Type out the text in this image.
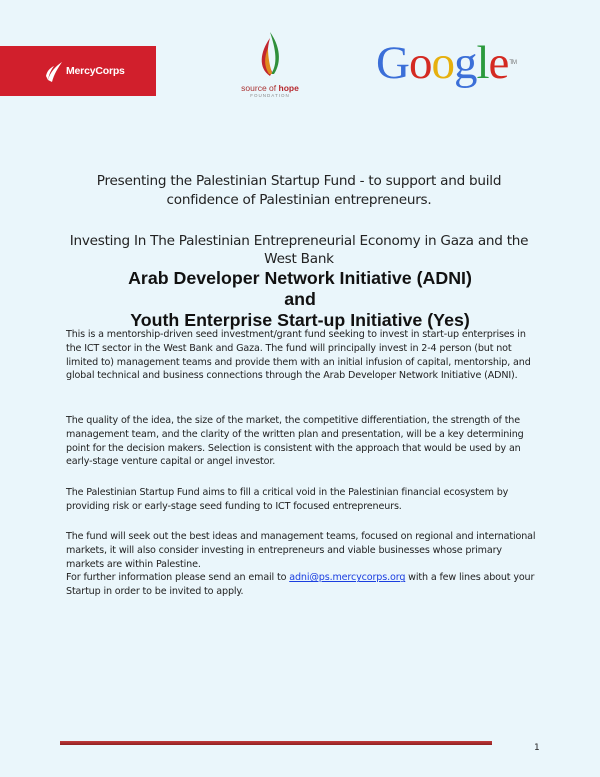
MercyCorps
source of hope
FOUNDATION
Google™
Presenting the Palestinian Startup Fund - to support and build confidence of Palestinian entrepreneurs.
Investing In The Palestinian Entrepreneurial Economy in Gaza and the West Bank
Arab Developer Network Initiative (ADNI)
and
Youth Enterprise Start-up Initiative (Yes)

This is a mentorship-driven seed investment/grant fund seeking to invest in start-up enterprises in the ICT sector in the West Bank and Gaza. The fund will principally invest in 2-4 person (but not limited to) management teams and provide them with an initial infusion of capital, mentorship, and global technical and business connections through the Arab Developer Network Initiative (ADNI).

The quality of the idea, the size of the market, the competitive differentiation, the strength of the management team, and the clarity of the written plan and presentation, will be a key determining point for the decision makers. Selection is consistent with the approach that would be used by an early-stage venture capital or angel investor.

The Palestinian Startup Fund aims to fill a critical void in the Palestinian financial ecosystem by providing risk or early-stage seed funding to ICT focused entrepreneurs.

The fund will seek out the best ideas and management teams, focused on regional and international markets, it will also consider investing in entrepreneurs and viable businesses whose primary markets are within Palestine.
For further information please send an email to adni@ps.mercycorps.org with a few lines about your Startup in order to be invited to apply.
1
